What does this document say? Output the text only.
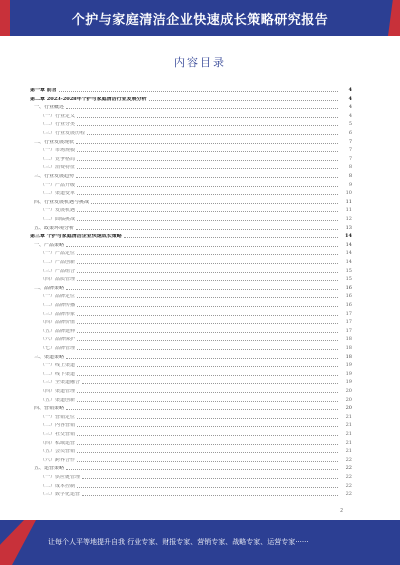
个护与家庭清洁企业快速成长策略研究报告
内容目录
第一章 前言	4
第二章 2023-2028年个护与家庭清洁行业发展分析	4
一、行业概述	4
（一）行业定义	4
（二）行业分类	5
（三）行业发展历程	6
二、行业发展现状	7
（一）市场规模	7
（二）竞争格局	7
（三）消费特征	8
三、行业发展趋势	8
（一）产品升级	9
（二）渠道变革	10
四、行业发展机遇与挑战	11
（一）发展机遇	11
（二）面临挑战	12
五、政策环境分析	13
第三章 个护与家庭清洁企业快速成长策略	14
一、产品策略	14
（一）产品定位	14
（二）产品创新	14
（三）产品组合	15
（四）品质管理	15
二、品牌策略	16
（一）品牌定位	16
（二）品牌传播	16
（三）品牌形象	17
（四）品牌价值	17
（五）品牌延伸	17
（六）品牌保护	18
（七）品牌管理	18
三、渠道策略	18
（一）线上渠道	19
（二）线下渠道	19
（三）全渠道融合	19
（四）渠道管理	20
（五）渠道创新	20
四、营销策略	20
（一）营销定位	21
（二）内容营销	21
（三）社交营销	21
（四）私域运营	21
（五）会员营销	21
（六）跨界合作	22
五、运营策略	22
（一）供应链管理	22
（二）成本控制	22
（三）数字化运营	22
2
让每个人平等地提升自我 行业专家、财报专家、营销专家、战略专家、运营专家······
